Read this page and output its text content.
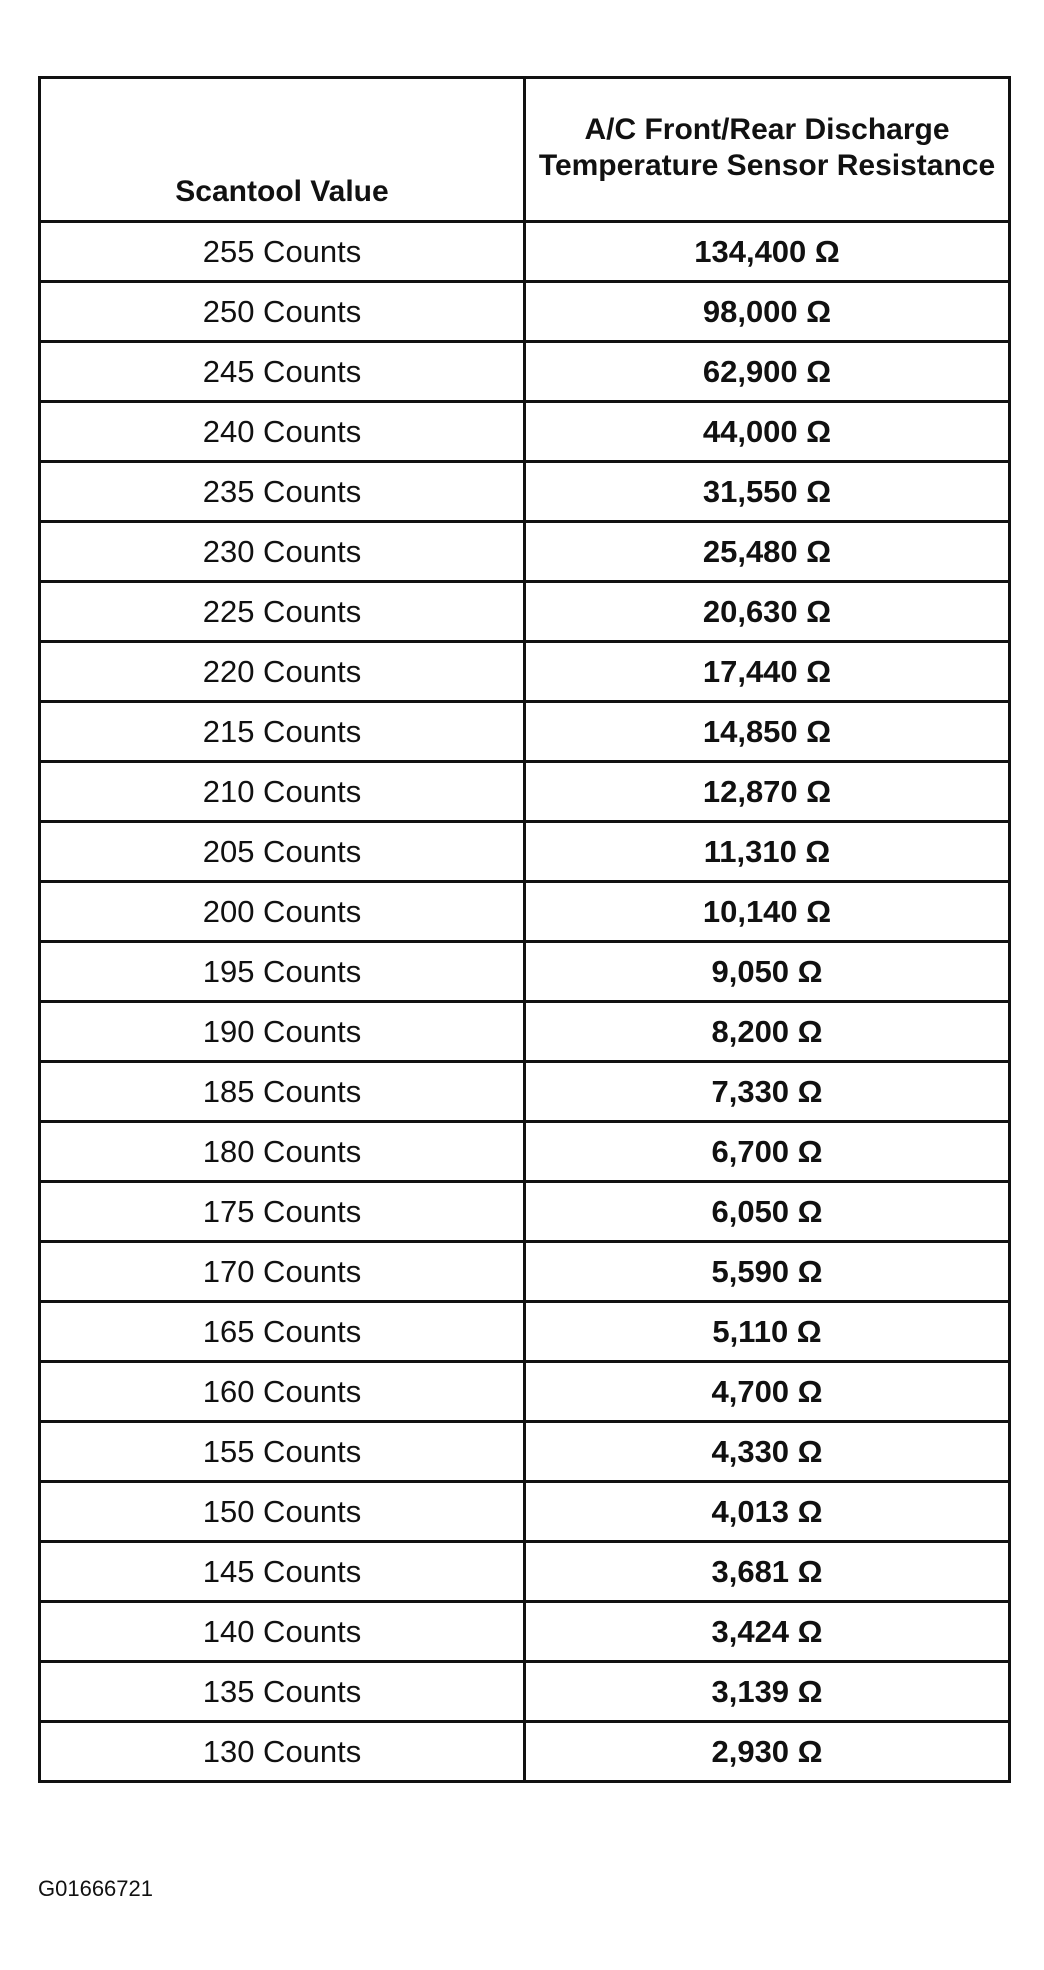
Scantool Value	A/C Front/Rear Discharge Temperature Sensor Resistance
255 Counts	134,400 Ω
250 Counts	98,000 Ω
245 Counts	62,900 Ω
240 Counts	44,000 Ω
235 Counts	31,550 Ω
230 Counts	25,480 Ω
225 Counts	20,630 Ω
220 Counts	17,440 Ω
215 Counts	14,850 Ω
210 Counts	12,870 Ω
205 Counts	11,310 Ω
200 Counts	10,140 Ω
195 Counts	9,050 Ω
190 Counts	8,200 Ω
185 Counts	7,330 Ω
180 Counts	6,700 Ω
175 Counts	6,050 Ω
170 Counts	5,590 Ω
165 Counts	5,110 Ω
160 Counts	4,700 Ω
155 Counts	4,330 Ω
150 Counts	4,013 Ω
145 Counts	3,681 Ω
140 Counts	3,424 Ω
135 Counts	3,139 Ω
130 Counts	2,930 Ω
G01666721
